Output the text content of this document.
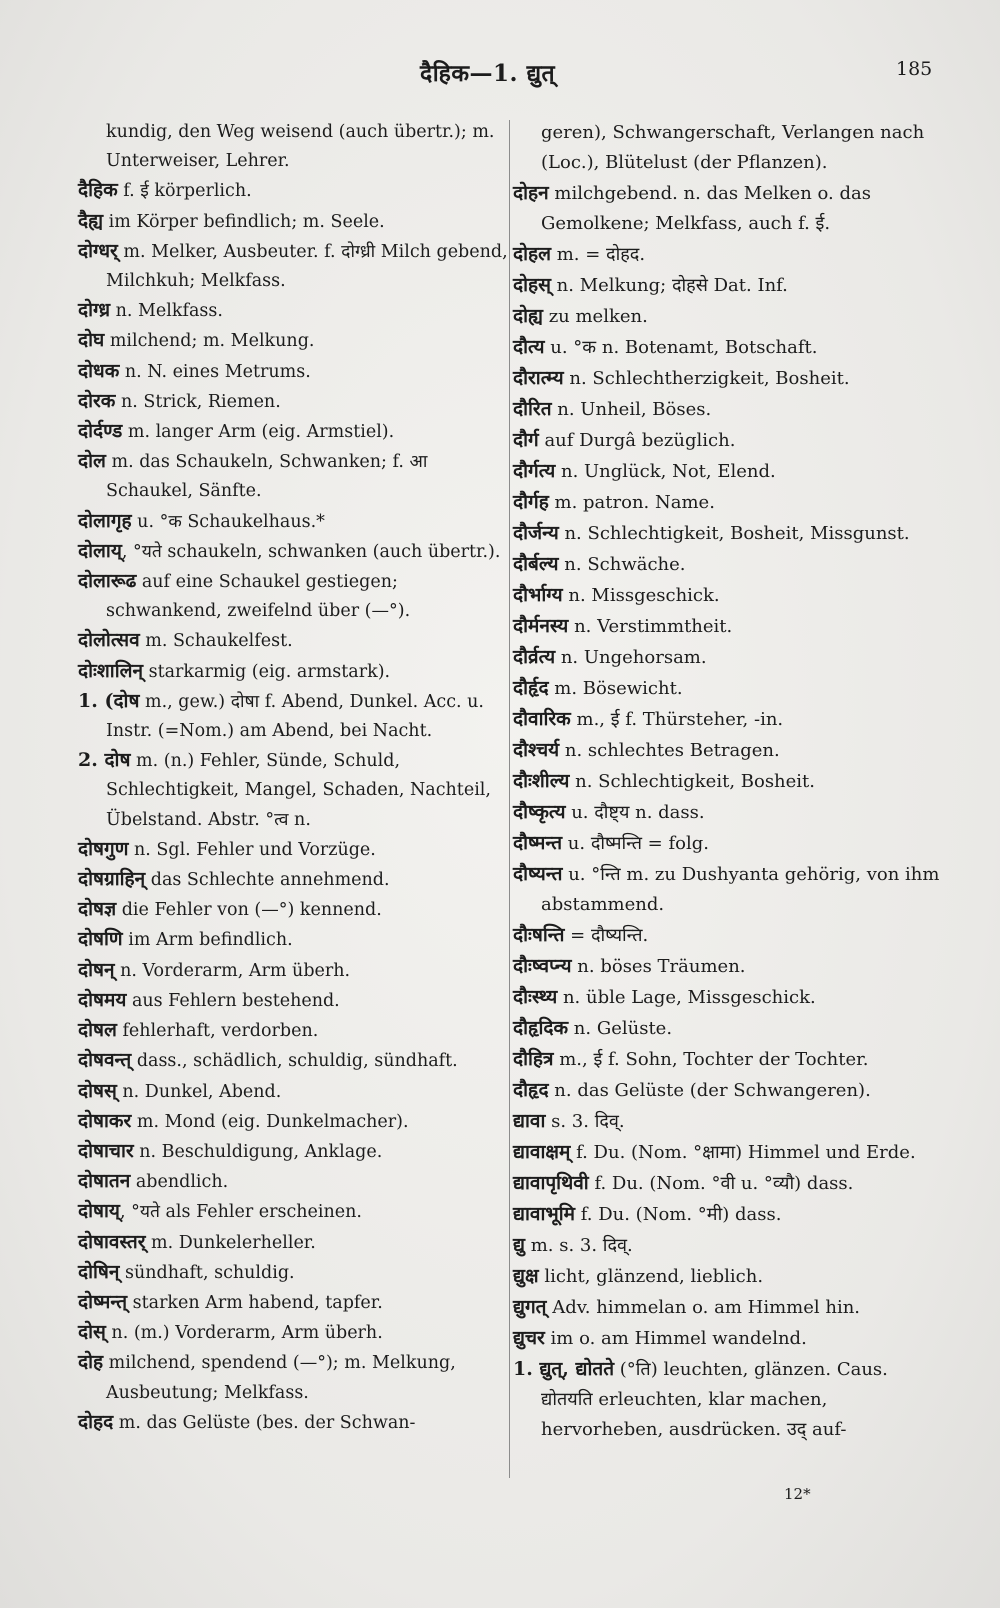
दैहिक—1. द्युत्	185
kundig, den Weg weisend (auch übertr.); m. Unterweiser, Lehrer.
दैहिक f. ई körperlich.
दैह्य im Körper befindlich; m. Seele.
दोग्धर् m. Melker, Ausbeuter. f. दोग्ध्री Milch gebend, Milchkuh; Melkfass.
दोग्ध्र n. Melkfass.
दोघ milchend; m. Melkung.
दोधक n. N. eines Metrums.
दोरक n. Strick, Riemen.
दोर्दण्ड m. langer Arm (eig. Armstiel).
दोल m. das Schaukeln, Schwanken; f. आ Schaukel, Sänfte.
दोलागृह u. °क Schaukelhaus.*
दोलाय्, °यते schaukeln, schwanken (auch übertr.).
दोलारूढ auf eine Schaukel gestiegen; schwankend, zweifelnd über (—°).
दोलोत्सव m. Schaukelfest.
दोःशालिन् starkarmig (eig. armstark).
1. (दोष m., gew.) दोषा f. Abend, Dunkel. Acc. u. Instr. (=Nom.) am Abend, bei Nacht.
2. दोष m. (n.) Fehler, Sünde, Schuld, Schlechtigkeit, Mangel, Schaden, Nachteil, Übelstand. Abstr. °त्व n.
दोषगुण n. Sgl. Fehler und Vorzüge.
दोषग्राहिन् das Schlechte annehmend.
दोषज्ञ die Fehler von (—°) kennend.
दोषणि im Arm befindlich.
दोषन् n. Vorderarm, Arm überh.
दोषमय aus Fehlern bestehend.
दोषल fehlerhaft, verdorben.
दोषवन्त् dass., schädlich, schuldig, sündhaft.
दोषस् n. Dunkel, Abend.
दोषाकर m. Mond (eig. Dunkelmacher).
दोषाचार n. Beschuldigung, Anklage.
दोषातन abendlich.
दोषाय्, °यते als Fehler erscheinen.
दोषावस्तर् m. Dunkelerheller.
दोषिन् sündhaft, schuldig.
दोष्मन्त् starken Arm habend, tapfer.
दोस् n. (m.) Vorderarm, Arm überh.
दोह milchend, spendend (—°); m. Melkung, Ausbeutung; Melkfass.
दोहद m. das Gelüste (bes. der Schwan-
geren), Schwangerschaft, Verlangen nach (Loc.), Blütelust (der Pflanzen).
दोहन milchgebend. n. das Melken o. das Gemolkene; Melkfass, auch f. ई.
दोहल m. = दोहद.
दोहस् n. Melkung; दोहसे Dat. Inf.
दोह्य zu melken.
दौत्य u. °क n. Botenamt, Botschaft.
दौरात्म्य n. Schlechtherzigkeit, Bosheit.
दौरित n. Unheil, Böses.
दौर्ग auf Durgâ bezüglich.
दौर्गत्य n. Unglück, Not, Elend.
दौर्गह m. patron. Name.
दौर्जन्य n. Schlechtigkeit, Bosheit, Missgunst.
दौर्बल्य n. Schwäche.
दौर्भाग्य n. Missgeschick.
दौर्मनस्य n. Verstimmtheit.
दौर्व्रत्य n. Ungehorsam.
दौर्हृद m. Bösewicht.
दौवारिक m., ई f. Thürsteher, -in.
दौश्चर्य n. schlechtes Betragen.
दौःशील्य n. Schlechtigkeit, Bosheit.
दौष्कृत्य u. दौष्ट्य n. dass.
दौष्मन्त u. दौष्मन्ति = folg.
दौष्यन्त u. °न्ति m. zu Dushyanta gehörig, von ihm abstammend.
दौःषन्ति = दौष्यन्ति.
दौःष्वप्न्य n. böses Träumen.
दौःस्थ्य n. üble Lage, Missgeschick.
दौहृदिक n. Gelüste.
दौहित्र m., ई f. Sohn, Tochter der Tochter.
दौहृद n. das Gelüste (der Schwangeren).
द्यावा s. 3. दिव्.
द्यावाक्षम् f. Du. (Nom. °क्षामा) Himmel und Erde.
द्यावापृथिवी f. Du. (Nom. °वी u. °व्यौ) dass.
द्यावाभूमि f. Du. (Nom. °मी) dass.
द्यु m. s. 3. दिव्.
द्युक्ष licht, glänzend, lieblich.
द्युगत् Adv. himmelan o. am Himmel hin.
द्युचर im o. am Himmel wandelnd.
1. द्युत्, द्योतते (°ति) leuchten, glänzen. Caus. द्योतयति erleuchten, klar machen, hervorheben, ausdrücken. उद् auf-
12*
